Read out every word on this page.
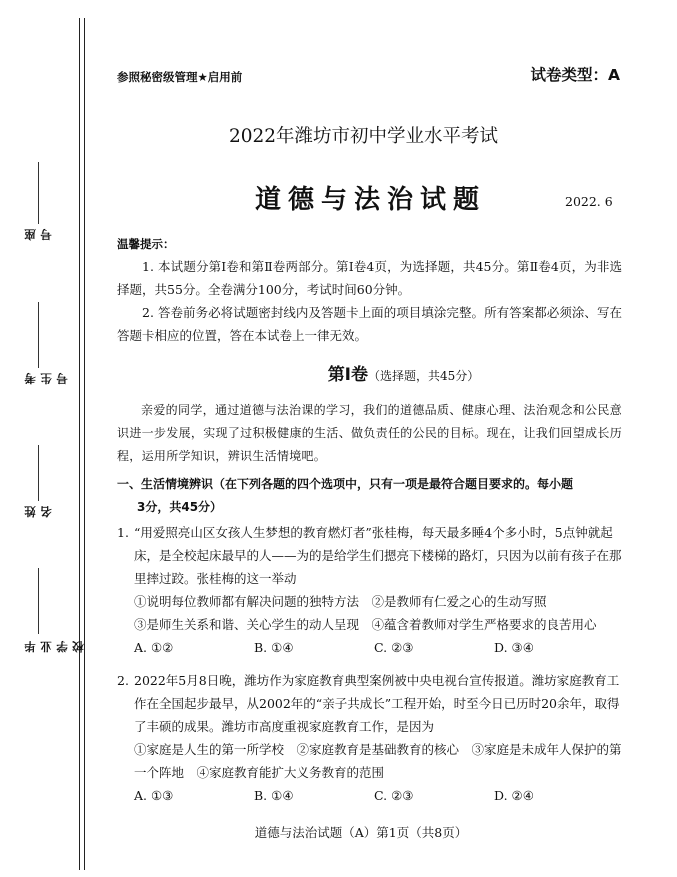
座号
考生号
姓名
毕业学校
参照秘密级管理★启用前	试卷类型：A
2022年潍坊市初中学业水平考试
道德与法治试题	2022. 6
温馨提示：
1. 本试题分第Ⅰ卷和第Ⅱ卷两部分。第Ⅰ卷4页，为选择题，共45分。第Ⅱ卷4页，为非选择题，共55分。全卷满分100分，考试时间60分钟。
2. 答卷前务必将试题密封线内及答题卡上面的项目填涂完整。所有答案都必须涂、写在答题卡相应的位置，答在本试卷上一律无效。
第Ⅰ卷（选择题，共45分）
亲爱的同学，通过道德与法治课的学习，我们的道德品质、健康心理、法治观念和公民意识进一步发展，实现了过积极健康的生活、做负责任的公民的目标。现在，让我们回望成长历程，运用所学知识，辨识生活情境吧。
一、生活情境辨识（在下列各题的四个选项中，只有一项是最符合题目要求的。每小题
3分，共45分）
1. “用爱照亮山区女孩人生梦想的教育燃灯者”张桂梅，每天最多睡4个多小时，5点钟就起床，是全校起床最早的人——为的是给学生们摁亮下楼梯的路灯，只因为以前有孩子在那里摔过跤。张桂梅的这一举动
①说明每位教师都有解决问题的独特方法　②是教师有仁爱之心的生动写照
③是师生关系和谐、关心学生的动人呈现　④蕴含着教师对学生严格要求的良苦用心
A. ①②	B. ①④	C. ②③	D. ③④
2. 2022年5月8日晚，潍坊作为家庭教育典型案例被中央电视台宣传报道。潍坊家庭教育工作在全国起步最早，从2002年的“亲子共成长”工程开始，时至今日已历时20余年，取得了丰硕的成果。潍坊市高度重视家庭教育工作，是因为
①家庭是人生的第一所学校　②家庭教育是基础教育的核心　③家庭是未成年人保护的第一个阵地　④家庭教育能扩大义务教育的范围
A. ①③	B. ①④	C. ②③	D. ②④
道德与法治试题（A）第1页（共8页）
